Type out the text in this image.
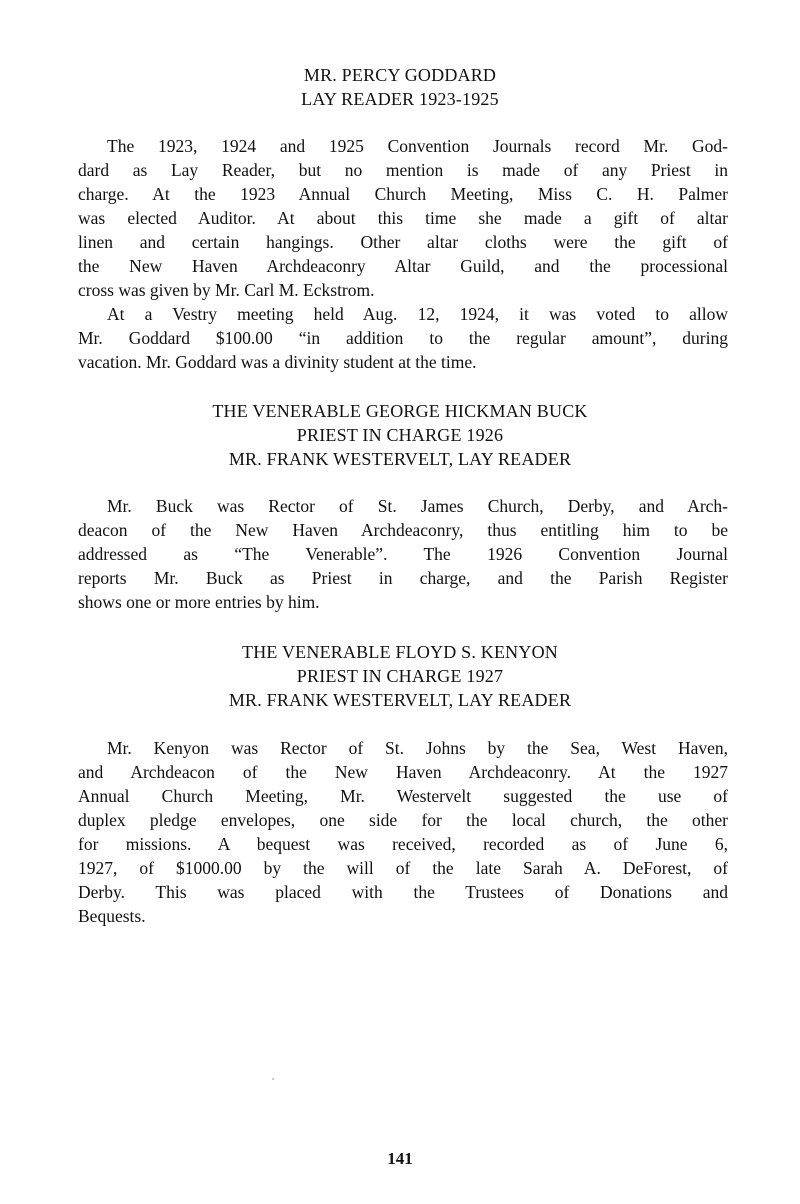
MR. PERCY GODDARD
LAY READER 1923-1925
The 1923, 1924 and 1925 Convention Journals record Mr. God-
dard as Lay Reader, but no mention is made of any Priest in
charge. At the 1923 Annual Church Meeting, Miss C. H. Palmer
was elected Auditor. At about this time she made a gift of altar
linen and certain hangings. Other altar cloths were the gift of
the New Haven Archdeaconry Altar Guild, and the processional
cross was given by Mr. Carl M. Eckstrom.
At a Vestry meeting held Aug. 12, 1924, it was voted to allow
Mr. Goddard $100.00 “in addition to the regular amount”, during
vacation. Mr. Goddard was a divinity student at the time.
THE VENERABLE GEORGE HICKMAN BUCK
PRIEST IN CHARGE 1926
MR. FRANK WESTERVELT, LAY READER
Mr. Buck was Rector of St. James Church, Derby, and Arch-
deacon of the New Haven Archdeaconry, thus entitling him to be
addressed as “The Venerable”. The 1926 Convention Journal
reports Mr. Buck as Priest in charge, and the Parish Register
shows one or more entries by him.
THE VENERABLE FLOYD S. KENYON
PRIEST IN CHARGE 1927
MR. FRANK WESTERVELT, LAY READER
Mr. Kenyon was Rector of St. Johns by the Sea, West Haven,
and Archdeacon of the New Haven Archdeaconry. At the 1927
Annual Church Meeting, Mr. Westervelt suggested the use of
duplex pledge envelopes, one side for the local church, the other
for missions. A bequest was received, recorded as of June 6,
1927, of $1000.00 by the will of the late Sarah A. DeForest, of
Derby. This was placed with the Trustees of Donations and
Bequests.
141
